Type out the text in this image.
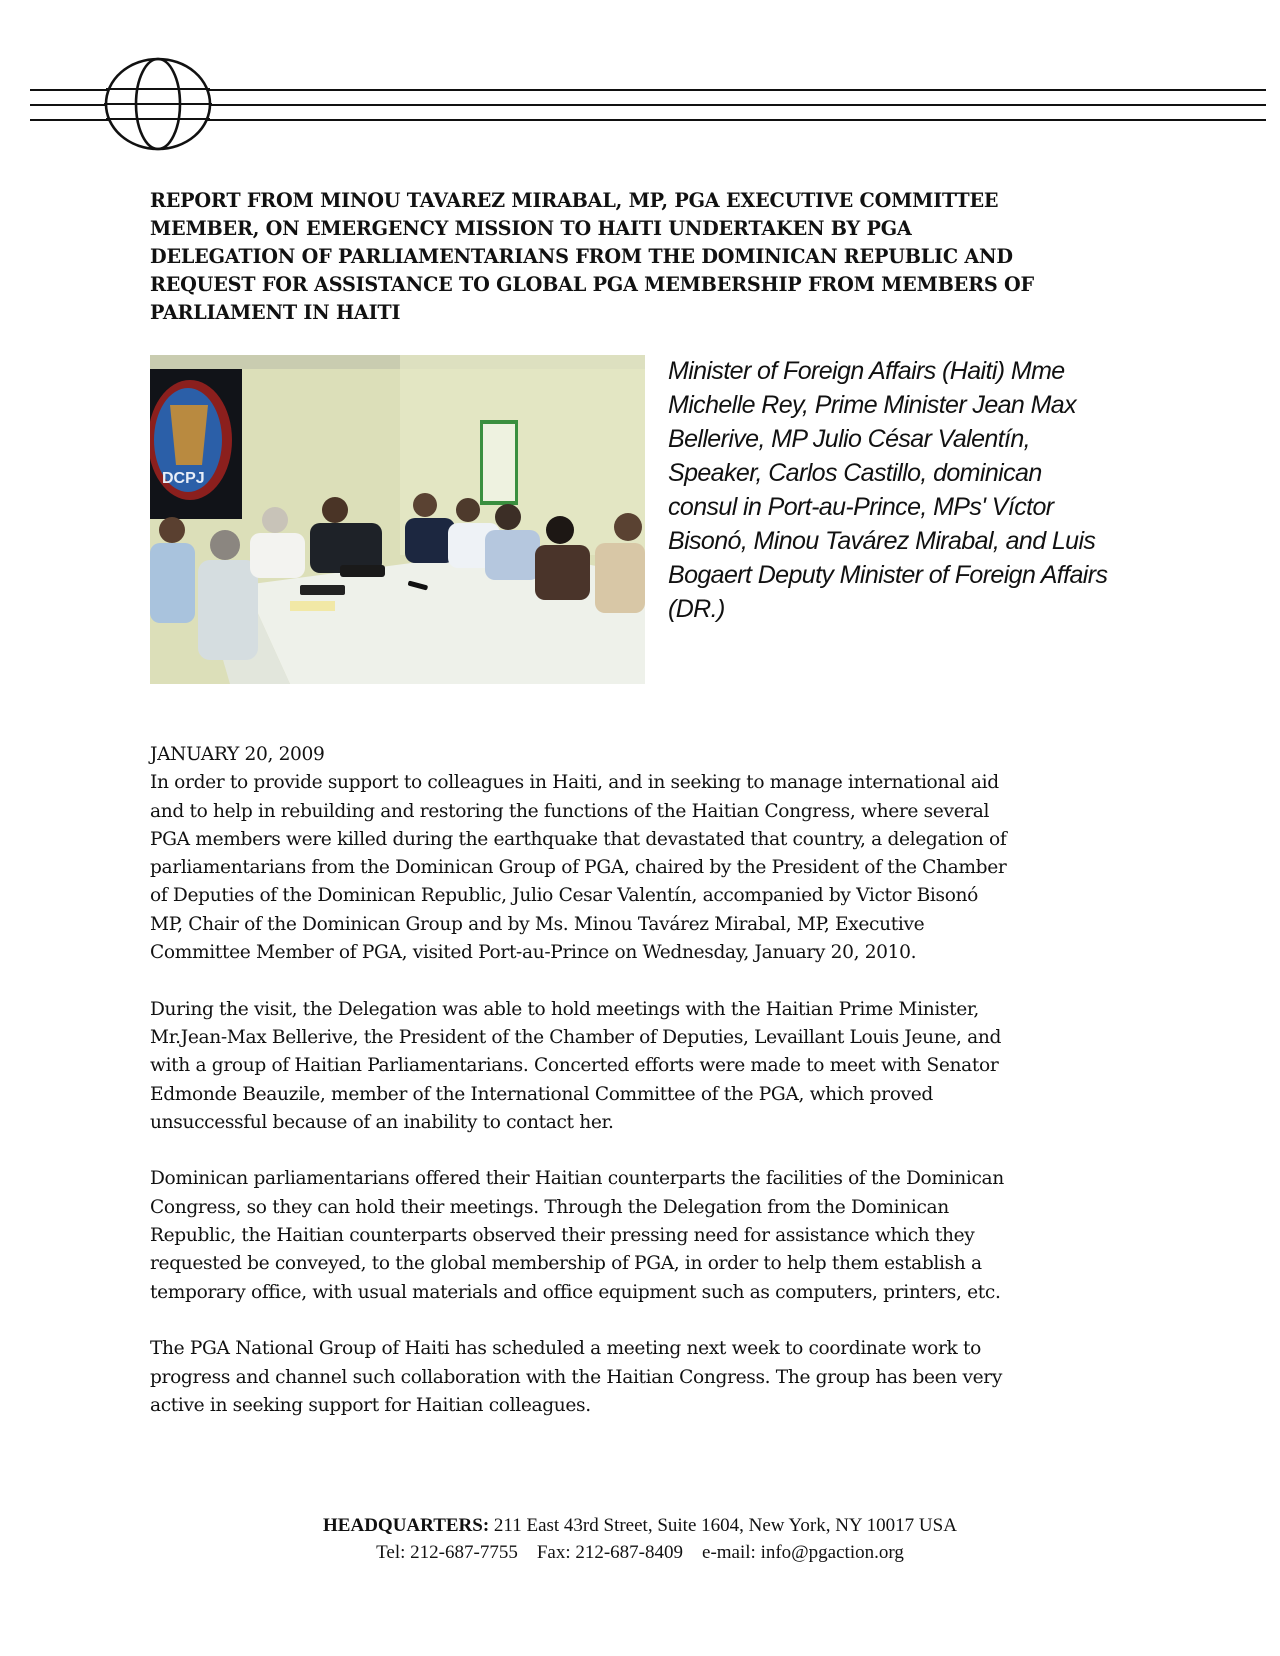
REPORT FROM MINOU TAVAREZ MIRABAL, MP, PGA EXECUTIVE COMMITTEE
MEMBER, ON EMERGENCY MISSION TO HAITI UNDERTAKEN BY PGA
DELEGATION OF PARLIAMENTARIANS FROM THE DOMINICAN REPUBLIC AND
REQUEST FOR ASSISTANCE TO GLOBAL PGA MEMBERSHIP FROM MEMBERS OF
PARLIAMENT IN HAITI
DCPJ
Minister of Foreign Affairs (Haiti) Mme
Michelle Rey, Prime Minister Jean Max
Bellerive, MP Julio César Valentín,
Speaker, Carlos Castillo, dominican
consul in Port-au-Prince, MPs' Víctor
Bisonó, Minou Tavárez Mirabal, and Luis
Bogaert Deputy Minister of Foreign Affairs
(DR.)
JANUARY 20, 2009

In order to provide support to colleagues in Haiti, and in seeking to manage international aid
and to help in rebuilding and restoring the functions of the Haitian Congress, where several
PGA members were killed during the earthquake that devastated that country, a delegation of
parliamentarians from the Dominican Group of PGA, chaired by the President of the Chamber
of Deputies of the Dominican Republic, Julio Cesar Valentín, accompanied by Victor Bisonó
MP, Chair of the Dominican Group and by Ms. Minou Tavárez Mirabal, MP, Executive
Committee Member of PGA, visited Port-au-Prince on Wednesday, January 20, 2010.

During the visit, the Delegation was able to hold meetings with the Haitian Prime Minister,
Mr.Jean-Max Bellerive, the President of the Chamber of Deputies, Levaillant Louis Jeune, and
with a group of Haitian Parliamentarians. Concerted efforts were made to meet with Senator
Edmonde Beauzile, member of the International Committee of the PGA, which proved
unsuccessful because of an inability to contact her.

Dominican parliamentarians offered their Haitian counterparts the facilities of the Dominican
Congress, so they can hold their meetings. Through the Delegation from the Dominican
Republic, the Haitian counterparts observed their pressing need for assistance which they
requested be conveyed, to the global membership of PGA, in order to help them establish a
temporary office, with usual materials and office equipment such as computers, printers, etc.

The PGA National Group of Haiti has scheduled a meeting next week to coordinate work to
progress and channel such collaboration with the Haitian Congress. The group has been very
active in seeking support for Haitian colleagues.

HEADQUARTERS: 211 East 43rd Street, Suite 1604, New York, NY 10017 USA
Tel: 212-687-7755 Fax: 212-687-8409 e-mail: info@pgaction.org
